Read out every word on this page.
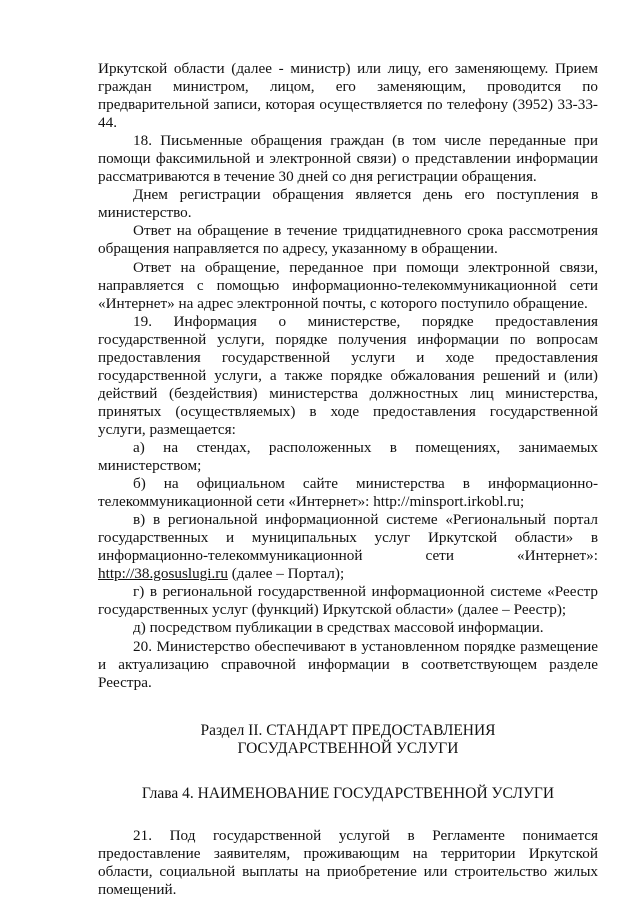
Иркутской области (далее - министр) или лицу, его заменяющему. Прием граждан министром, лицом, его заменяющим, проводится по предварительной записи, которая осуществляется по телефону (3952) 33-33-44.

18. Письменные обращения граждан (в том числе переданные при помощи факсимильной и электронной связи) о представлении информации рассматриваются в течение 30 дней со дня регистрации обращения.

Днем регистрации обращения является день его поступления в министерство.

Ответ на обращение в течение тридцатидневного срока рассмотрения обращения направляется по адресу, указанному в обращении.

Ответ на обращение, переданное при помощи электронной связи, направляется с помощью информационно-телекоммуникационной сети «Интернет» на адрес электронной почты, с которого поступило обращение.

19. Информация о министерстве, порядке предоставления государственной услуги, порядке получения информации по вопросам предоставления государственной услуги и ходе предоставления государственной услуги, а также порядке обжалования решений и (или) действий (бездействия) министерства должностных лиц министерства, принятых (осуществляемых) в ходе предоставления государственной услуги, размещается:

а) на стендах, расположенных в помещениях, занимаемых министерством;

б) на официальном сайте министерства в информационно-телекоммуникационной сети «Интернет»: http://minsport.irkobl.ru;

в) в региональной информационной системе «Региональный портал государственных и муниципальных услуг Иркутской области» в информационно-телекоммуникационной сети «Интернет»: http://38.gosuslugi.ru (далее – Портал);

г) в региональной государственной информационной системе «Реестр государственных услуг (функций) Иркутской области» (далее – Реестр);

д) посредством публикации в средствах массовой информации.

20. Министерство обеспечивают в установленном порядке размещение и актуализацию справочной информации в соответствующем разделе Реестра.

Раздел II. СТАНДАРТ ПРЕДОСТАВЛЕНИЯ ГОСУДАРСТВЕННОЙ УСЛУГИ

Глава 4. НАИМЕНОВАНИЕ ГОСУДАРСТВЕННОЙ УСЛУГИ

21. Под государственной услугой в Регламенте понимается предоставление заявителям, проживающим на территории Иркутской области, социальной выплаты на приобретение или строительство жилых помещений.
